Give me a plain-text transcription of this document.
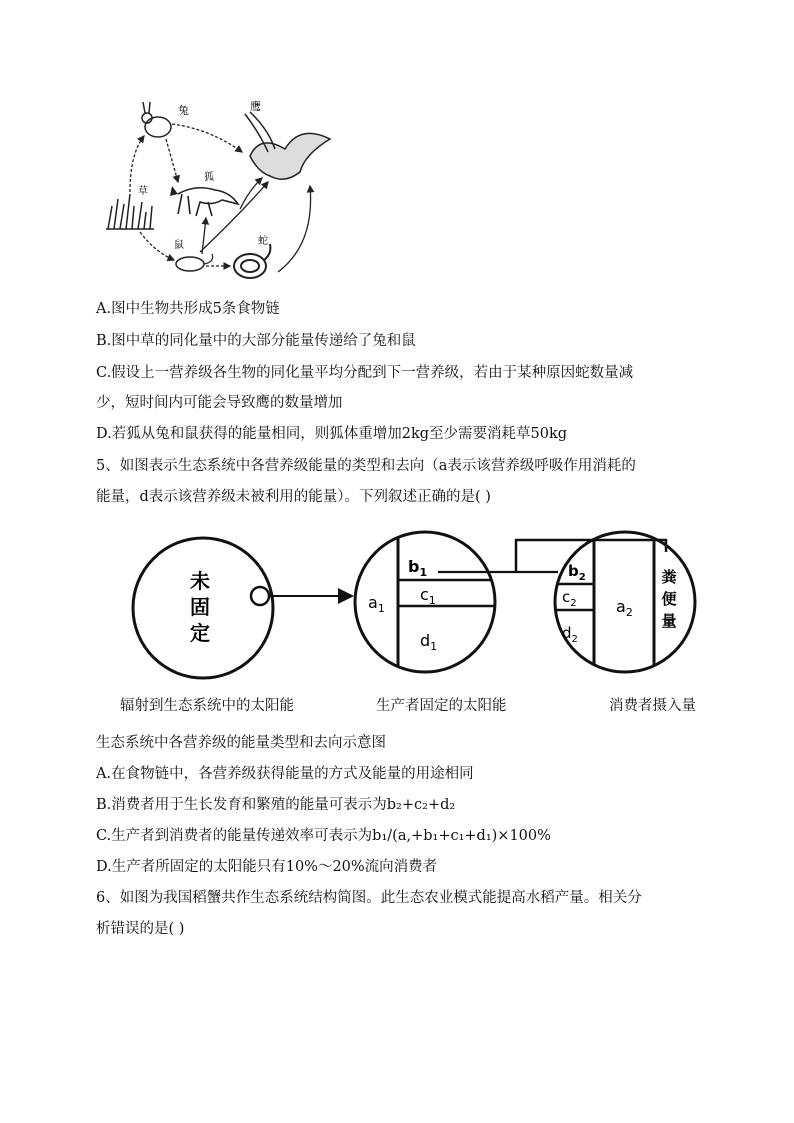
兔	鹰
草
狐
鼠	蛇
A.图中生物共形成5条食物链
B.图中草的同化量中的大部分能量传递给了兔和鼠
C.假设上一营养级各生物的同化量平均分配到下一营养级，若由于某种原因蛇数量减
少，短时间内可能会导致鹰的数量增加
D.若狐从兔和鼠获得的能量相同，则狐体重增加2kg至少需要消耗草50kg
5、如图表示生态系统中各营养级能量的类型和去向（a表示该营养级呼吸作用消耗的
能量，d表示该营养级未被利用的能量）。下列叙述正确的是( )
未
固
定
$a_1$
$b_1$
$c_1$
$d_1$
$b_2$
$c_2$
$d_2$
$a_2$
粪
便
量
辐射到生态系统中的太阳能	生产者固定的太阳能	消费者摄入量
生态系统中各营养级的能量类型和去向示意图
A.在食物链中，各营养级获得能量的方式及能量的用途相同
B.消费者用于生长发育和繁殖的能量可表示为b₂+c₂+d₂
C.生产者到消费者的能量传递效率可表示为b₁/(a,+b₁+c₁+d₁)×100%
D.生产者所固定的太阳能只有10%～20%流向消费者
6、如图为我国稻蟹共作生态系统结构简图。此生态农业模式能提高水稻产量。相关分
析错误的是( )
